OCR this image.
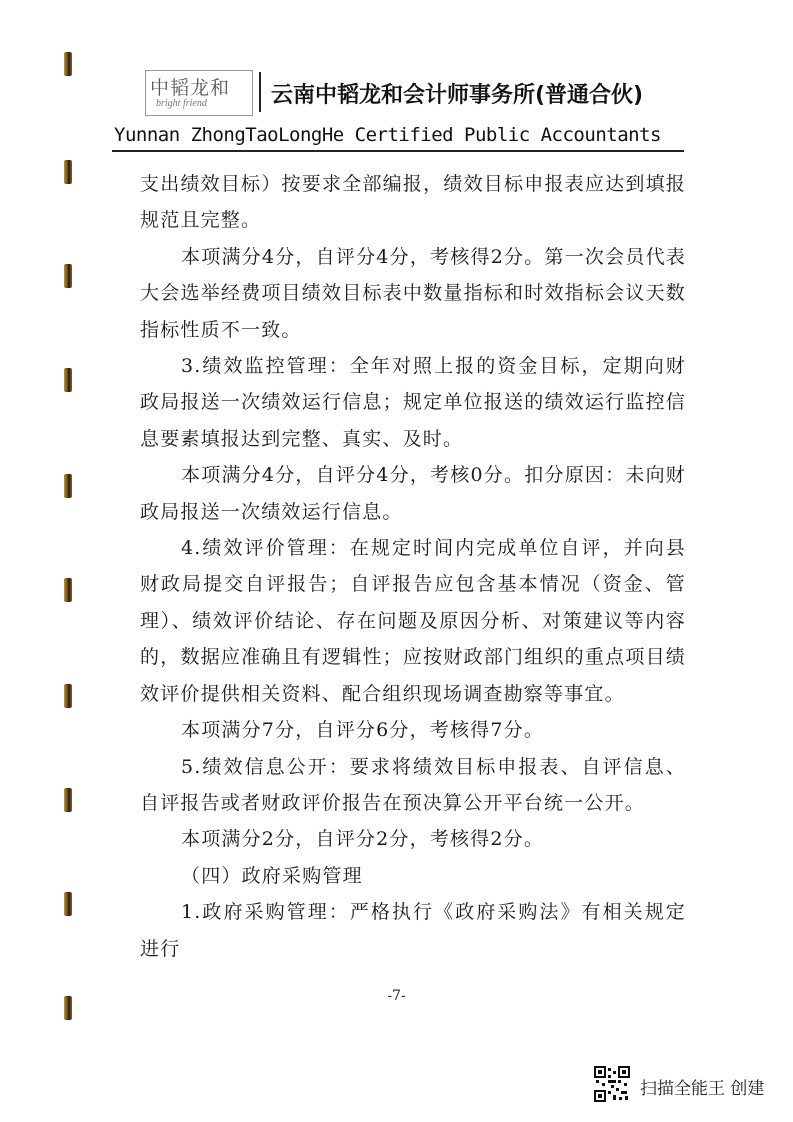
中韬龙和
bright friend	云南中韬龙和会计师事务所(普通合伙)
Yunnan ZhongTaoLongHe Certified Public Accountants

支出绩效目标）按要求全部编报，绩效目标申报表应达到填报规范且完整。

本项满分4分，自评分4分，考核得2分。第一次会员代表大会选举经费项目绩效目标表中数量指标和时效指标会议天数指标性质不一致。

3.绩效监控管理：全年对照上报的资金目标，定期向财政局报送一次绩效运行信息；规定单位报送的绩效运行监控信息要素填报达到完整、真实、及时。

本项满分4分，自评分4分，考核0分。扣分原因：未向财政局报送一次绩效运行信息。

4.绩效评价管理：在规定时间内完成单位自评，并向县财政局提交自评报告；自评报告应包含基本情况（资金、管理）、绩效评价结论、存在问题及原因分析、对策建议等内容的，数据应准确且有逻辑性；应按财政部门组织的重点项目绩效评价提供相关资料、配合组织现场调查勘察等事宜。

本项满分7分，自评分6分，考核得7分。

5.绩效信息公开：要求将绩效目标申报表、自评信息、自评报告或者财政评价报告在预决算公开平台统一公开。

本项满分2分，自评分2分，考核得2分。

（四）政府采购管理

1.政府采购管理：严格执行《政府采购法》有相关规定进行

-7-
扫描全能王 创建
